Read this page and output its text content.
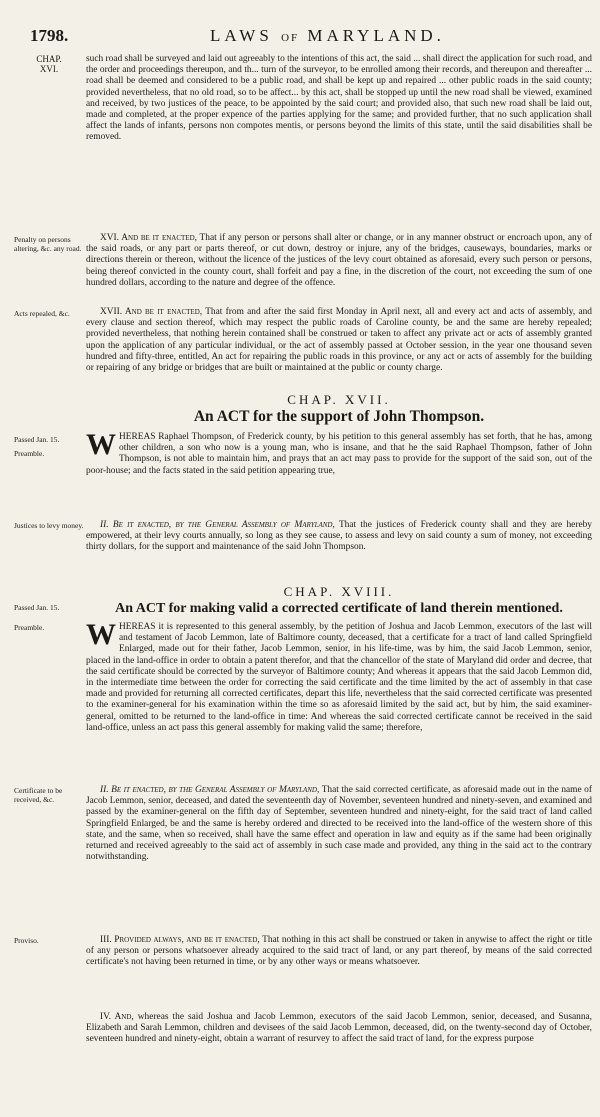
1798.	LAWS OF MARYLAND.
CHAP.
XVI.
Penalty on persons altering, &c. any road.
Acts repealed, &c.
Passed Jan. 15.
Preamble.
Justices to levy money.
Passed Jan. 15.
Preamble.
Certificate to be received, &c.
Proviso.

such road shall be surveyed and laid out agreeably to the intentions of this act, the said ... shall direct the application for such road, and the order and proceedings thereupon, and th... turn of the surveyor, to be enrolled among their records, and thereupon and thereafter ... road shall be deemed and considered to be a public road, and shall be kept up and repaired ... other public roads in the said county; provided nevertheless, that no old road, so to be affect... by this act, shall be stopped up until the new road shall be viewed, examined and received, by two justices of the peace, to be appointed by the said court; and provided also, that such new road shall be laid out, made and completed, at the proper expence of the parties applying for the same; and provided further, that no such application shall affect the lands of infants, persons non compotes mentis, or persons beyond the limits of this state, until the said disabilities shall be removed.

XVI. And be it enacted, That if any person or persons shall alter or change, or in any manner obstruct or encroach upon, any of the said roads, or any part or parts thereof, or cut down, destroy or injure, any of the bridges, causeways, boundaries, marks or directions therein or thereon, without the licence of the justices of the levy court obtained as aforesaid, every such person or persons, being thereof convicted in the county court, shall forfeit and pay a fine, in the discretion of the court, not exceeding the sum of one hundred dollars, according to the nature and degree of the offence.

XVII. And be it enacted, That from and after the said first Monday in April next, all and every act and acts of assembly, and every clause and section thereof, which may respect the public roads of Caroline county, be and the same are hereby repealed; provided nevertheless, that nothing herein contained shall be construed or taken to affect any private act or acts of assembly granted upon the application of any particular individual, or the act of assembly passed at October session, in the year one thousand seven hundred and fifty-three, entitled, An act for repairing the public roads in this province, or any act or acts of assembly for the building or repairing of any bridge or bridges that are built or maintained at the public or county charge.

CHAP. XVII.

An ACT for the support of John Thompson.

WHEREAS Raphael Thompson, of Frederick county, by his petition to this general assembly has set forth, that he has, among other children, a son who now is a young man, who is insane, and that he the said Raphael Thompson, father of John Thompson, is not able to maintain him, and prays that an act may pass to provide for the support of the said son, out of the poor-house; and the facts stated in the said petition appearing true,

II. Be it enacted, by the General Assembly of Maryland, That the justices of Frederick county shall and they are hereby empowered, at their levy courts annually, so long as they see cause, to assess and levy on said county a sum of money, not exceeding thirty dollars, for the support and maintenance of the said John Thompson.

CHAP. XVIII.

An ACT for making valid a corrected certificate of land therein mentioned.

WHEREAS it is represented to this general assembly, by the petition of Joshua and Jacob Lemmon, executors of the last will and testament of Jacob Lemmon, late of Baltimore county, deceased, that a certificate for a tract of land called Springfield Enlarged, made out for their father, Jacob Lemmon, senior, in his life-time, was by him, the said Jacob Lemmon, senior, placed in the land-office in order to obtain a patent therefor, and that the chancellor of the state of Maryland did order and decree, that the said certificate should be corrected by the surveyor of Baltimore county; And whereas it appears that the said Jacob Lemmon did, in the intermediate time between the order for correcting the said certificate and the time limited by the act of assembly in that case made and provided for returning all corrected certificates, depart this life, nevertheless that the said corrected certificate was presented to the examiner-general for his examination within the time so as aforesaid limited by the said act, but by him, the said examiner-general, omitted to be returned to the land-office in time: And whereas the said corrected certificate cannot be received in the said land-office, unless an act pass this general assembly for making valid the same; therefore,

II. Be it enacted, by the General Assembly of Maryland, That the said corrected certificate, as aforesaid made out in the name of Jacob Lemmon, senior, deceased, and dated the seventeenth day of November, seventeen hundred and ninety-seven, and examined and passed by the examiner-general on the fifth day of September, seventeen hundred and ninety-eight, for the said tract of land called Springfield Enlarged, be and the same is hereby ordered and directed to be received into the land-office of the western shore of this state, and the same, when so received, shall have the same effect and operation in law and equity as if the same had been originally returned and received agreeably to the said act of assembly in such case made and provided, any thing in the said act to the contrary notwithstanding.

III. Provided always, and be it enacted, That nothing in this act shall be construed or taken in anywise to affect the right or title of any person or persons whatsoever already acquired to the said tract of land, or any part thereof, by means of the said corrected certificate's not having been returned in time, or by any other ways or means whatsoever.

IV. And, whereas the said Joshua and Jacob Lemmon, executors of the said Jacob Lemmon, senior, deceased, and Susanna, Elizabeth and Sarah Lemmon, children and devisees of the said Jacob Lemmon, deceased, did, on the twenty-second day of October, seventeen hundred and ninety-eight, obtain a warrant of resurvey to affect the said tract of land, for the express purpose
